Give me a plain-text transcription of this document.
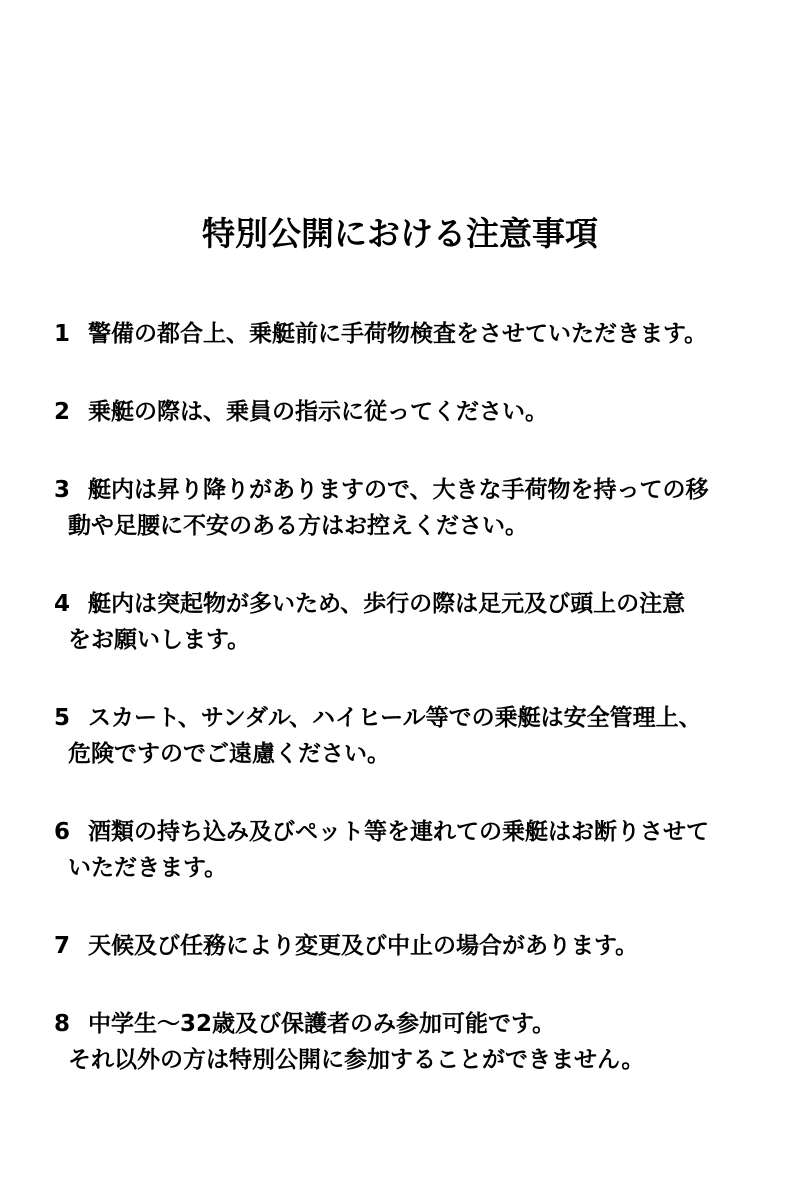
特別公開における注意事項
1 警備の都合上、乗艇前に手荷物検査をさせていただきます。
2 乗艇の際は、乗員の指示に従ってください。
3 艇内は昇り降りがありますので、大きな手荷物を持っての移
動や足腰に不安のある方はお控えください。
4 艇内は突起物が多いため、歩行の際は足元及び頭上の注意
をお願いします。
5 スカート、サンダル、ハイヒール等での乗艇は安全管理上、
危険ですのでご遠慮ください。
6 酒類の持ち込み及びペット等を連れての乗艇はお断りさせて
いただきます。
7 天候及び任務により変更及び中止の場合があります。
8 中学生～32歳及び保護者のみ参加可能です。
それ以外の方は特別公開に参加することができません。
